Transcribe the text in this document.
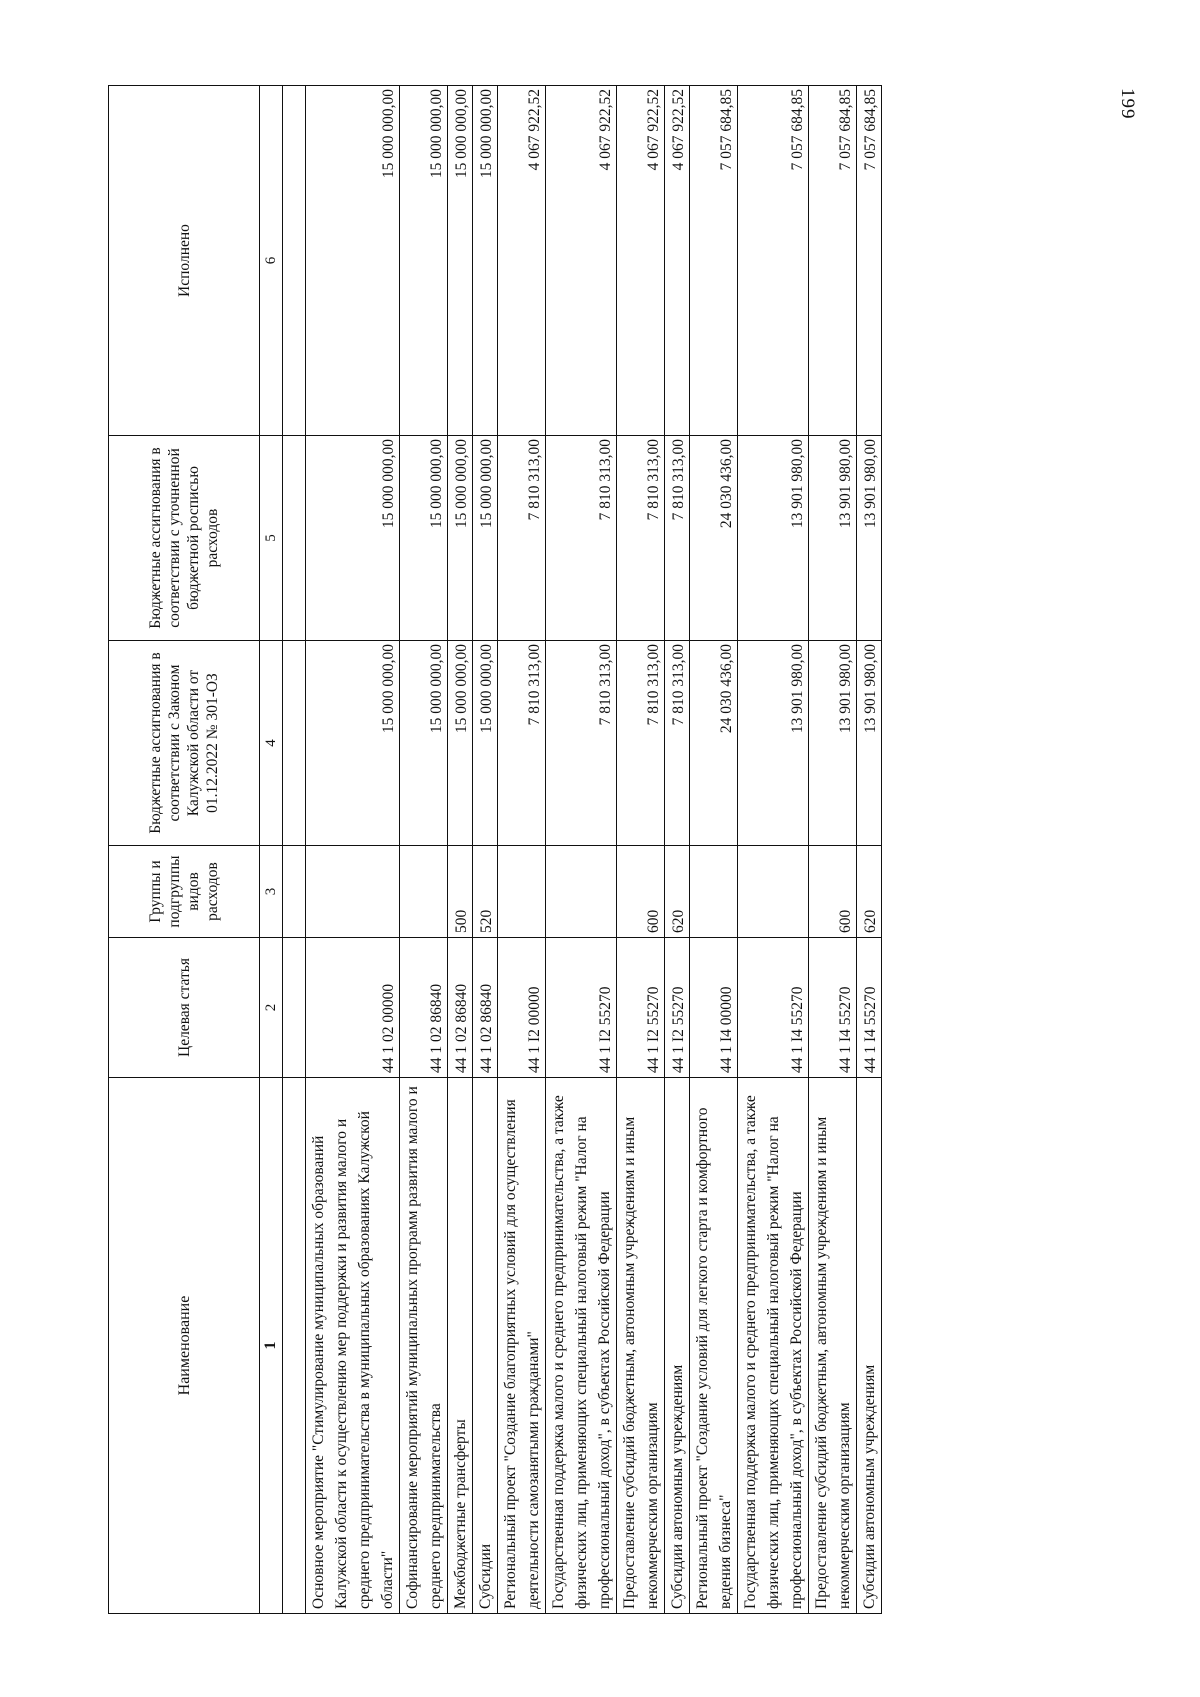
199
Наименование	Целевая статья	Группы и подгруппы видов расходов	Бюджетные ассигнования в соответствии с Законом Калужской области от 01.12.2022 № 301-ОЗ	Бюджетные ассигнования в соответствии с уточненной бюджетной росписью расходов	Исполнено
1	2	3	4	5	6

Основное мероприятие "Стимулирование муниципальных образований Калужской области к осуществлению мер поддержки и развития малого и среднего предпринимательства в муниципальных образованиях Калужской области"	44 1 02 00000		15 000 000,00	15 000 000,00	15 000 000,00
Софинансирование мероприятий муниципальных программ развития малого и среднего предпринимательства	44 1 02 86840		15 000 000,00	15 000 000,00	15 000 000,00
Межбюджетные трансферты	44 1 02 86840	500	15 000 000,00	15 000 000,00	15 000 000,00
Субсидии	44 1 02 86840	520	15 000 000,00	15 000 000,00	15 000 000,00
Региональный проект "Создание благоприятных условий для осуществления деятельности самозанятыми гражданами"	44 1 I2 00000		7 810 313,00	7 810 313,00	4 067 922,52
Государственная поддержка малого и среднего предпринимательства, а также физических лиц, применяющих специальный налоговый режим "Налог на профессиональный доход", в субъектах Российской Федерации	44 1 I2 55270		7 810 313,00	7 810 313,00	4 067 922,52
Предоставление субсидий бюджетным, автономным учреждениям и иным некоммерческим организациям	44 1 I2 55270	600	7 810 313,00	7 810 313,00	4 067 922,52
Субсидии автономным учреждениям	44 1 I2 55270	620	7 810 313,00	7 810 313,00	4 067 922,52
Региональный проект "Создание условий для легкого старта и комфортного ведения бизнеса"	44 1 I4 00000		24 030 436,00	24 030 436,00	7 057 684,85
Государственная поддержка малого и среднего предпринимательства, а также физических лиц, применяющих специальный налоговый режим "Налог на профессиональный доход", в субъектах Российской Федерации	44 1 I4 55270		13 901 980,00	13 901 980,00	7 057 684,85
Предоставление субсидий бюджетным, автономным учреждениям и иным некоммерческим организациям	44 1 I4 55270	600	13 901 980,00	13 901 980,00	7 057 684,85
Субсидии автономным учреждениям	44 1 I4 55270	620	13 901 980,00	13 901 980,00	7 057 684,85
